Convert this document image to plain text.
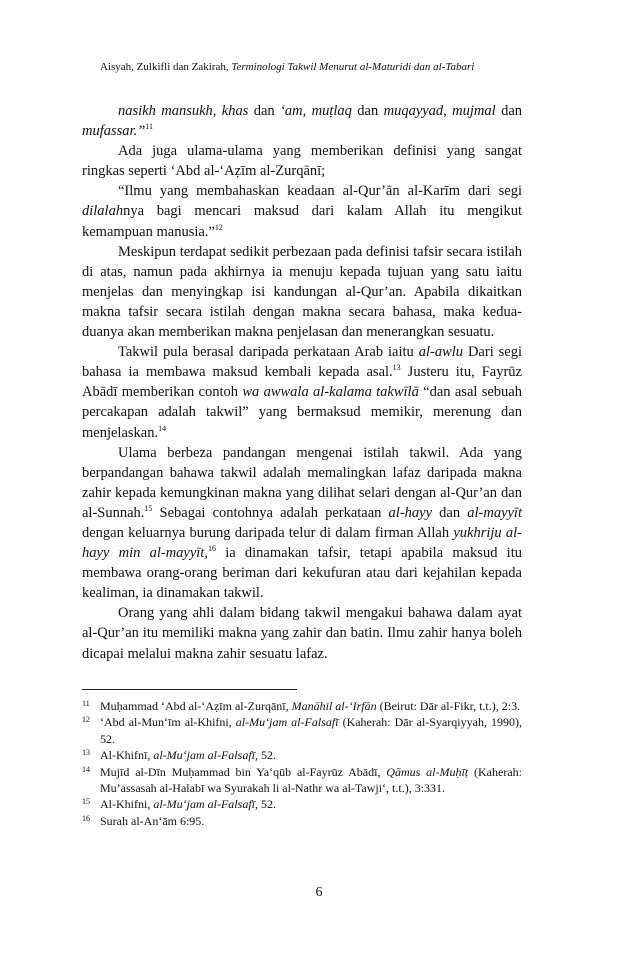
Aisyah, Zulkifli dan Zakirah, Terminologi Takwil Menurut al-Maturidi dan al-Tabari

nasikh mansukh, khas dan ‘am, muṭlaq dan muqayyad, mujmal dan mufassar.”$^{11}$

Ada juga ulama-ulama yang memberikan definisi yang sangat ringkas seperti ‘Abd al-‘Aẓīm al-Zurqānī;

“Ilmu yang membahaskan keadaan al-Qur’ān al-Karīm dari segi dilalahnya bagi mencari maksud dari kalam Allah itu mengikut kemampuan manusia.”$^{12}$

Meskipun terdapat sedikit perbezaan pada definisi tafsir secara istilah di atas, namun pada akhirnya ia menuju kepada tujuan yang satu iaitu menjelas dan menyingkap isi kandungan al-Qur’an. Apabila dikaitkan makna tafsir secara istilah dengan makna secara bahasa, maka kedua-duanya akan memberikan makna penjelasan dan menerangkan sesuatu.

Takwil pula berasal daripada perkataan Arab iaitu al-awlu Dari segi bahasa ia membawa maksud kembali kepada asal.$^{13}$ Justeru itu, Fayrūz Abādī memberikan contoh wa awwala al-kalama takwīlā “dan asal sebuah percakapan adalah takwil” yang bermaksud memikir, merenung dan menjelaskan.$^{14}$

Ulama berbeza pandangan mengenai istilah takwil. Ada yang berpandangan bahawa takwil adalah memalingkan lafaz daripada makna zahir kepada kemungkinan makna yang dilihat selari dengan al-Qur’an dan al-Sunnah.$^{15}$ Sebagai contohnya adalah perkataan al-hayy dan al-mayyīt dengan keluarnya burung daripada telur di dalam firman Allah yukhriju al-hayy min al-mayyīt,$^{16}$ ia dinamakan tafsir, tetapi apabila maksud itu membawa orang-orang beriman dari kekufuran atau dari kejahilan kepada kealiman, ia dinamakan takwil.

Orang yang ahli dalam bidang takwil mengakui bahawa dalam ayat al-Qur’an itu memiliki makna yang zahir dan batin. Ilmu zahir hanya boleh dicapai melalui makna zahir sesuatu lafaz.

11 Muḥammad ‘Abd al-‘Aẓīm al-Zurqānī, Manāhil al-‘Irfān (Beirut: Dār al-Fikr, t.t.), 2:3.
12 ‘Abd al-Mun‘īm al-Khifni, al-Mu‘jam al-Falsafī (Kaherah: Dār al-Syarqiyyah, 1990), 52.
13 Al-Khifnī, al-Mu‘jam al-Falsafī, 52.
14 Mujīd al-Dīn Muḥammad bin Ya‘qūb al-Fayrūz Abādī, Qāmus al-Muḥīṭ (Kaherah: Mu’assasah al-Halabī wa Syurakah li al-Nathr wa al-Tawji‘, t.t.), 3:331.
15 Al-Khifni, al-Mu‘jam al-Falsafī, 52.
16 Surah al-An‘ām 6:95.
6
